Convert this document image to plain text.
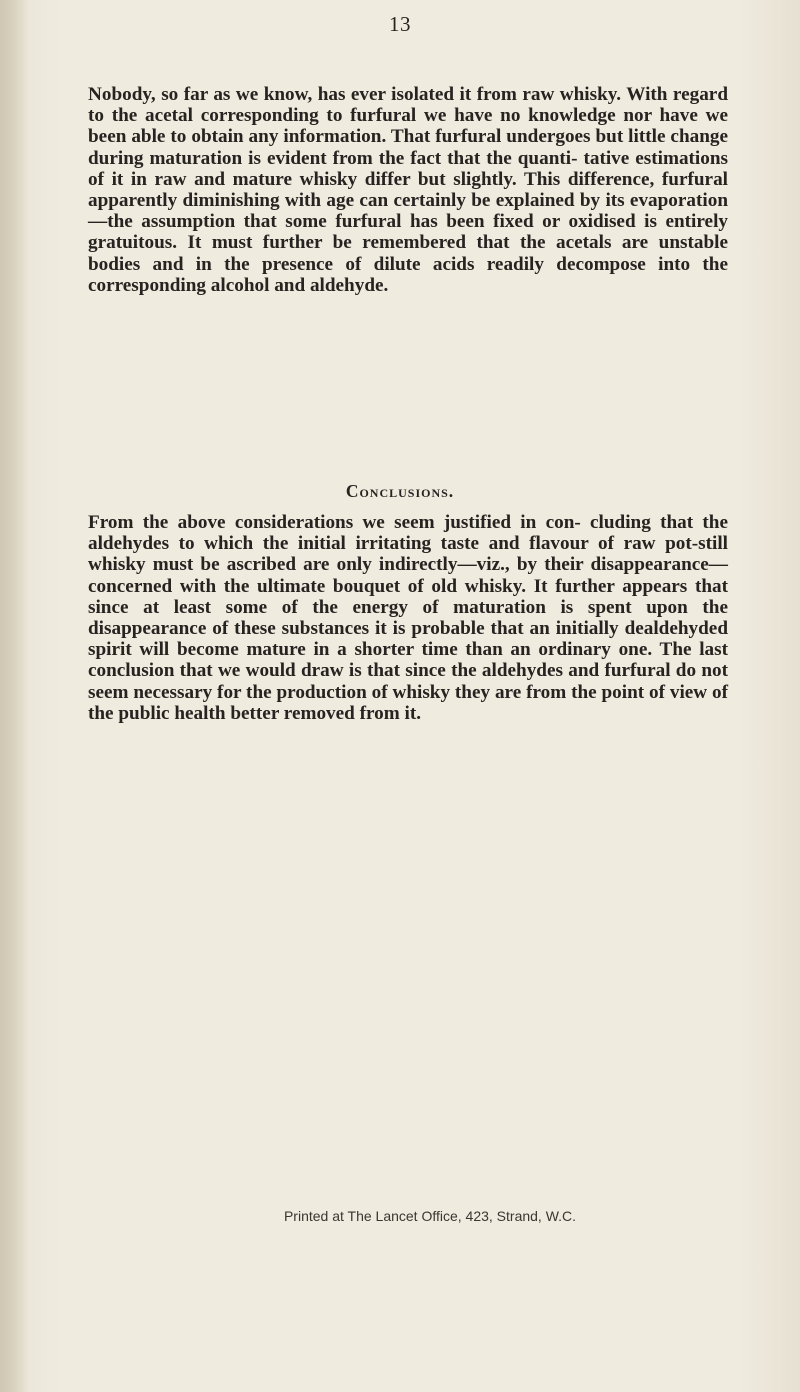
13

Nobody, so far as we know, has ever isolated it from raw whisky. With regard to the acetal corresponding to furfural we have no knowledge nor have we been able to obtain any information. That furfural undergoes but little change during maturation is evident from the fact that the quanti- tative estimations of it in raw and mature whisky differ but slightly. This difference, furfural apparently diminishing with age can certainly be explained by its evaporation—the assumption that some furfural has been fixed or oxidised is entirely gratuitous. It must further be remembered that the acetals are unstable bodies and in the presence of dilute acids readily decompose into the corresponding alcohol and aldehyde.

Conclusions.

From the above considerations we seem justified in con- cluding that the aldehydes to which the initial irritating taste and flavour of raw pot-still whisky must be ascribed are only indirectly—viz., by their disappearance—concerned with the ultimate bouquet of old whisky. It further appears that since at least some of the energy of maturation is spent upon the disappearance of these substances it is probable that an initially dealdehyded spirit will become mature in a shorter time than an ordinary one. The last conclusion that we would draw is that since the aldehydes and furfural do not seem necessary for the production of whisky they are from the point of view of the public health better removed from it.

Printed at The Lancet Office, 423, Strand, W.C.
